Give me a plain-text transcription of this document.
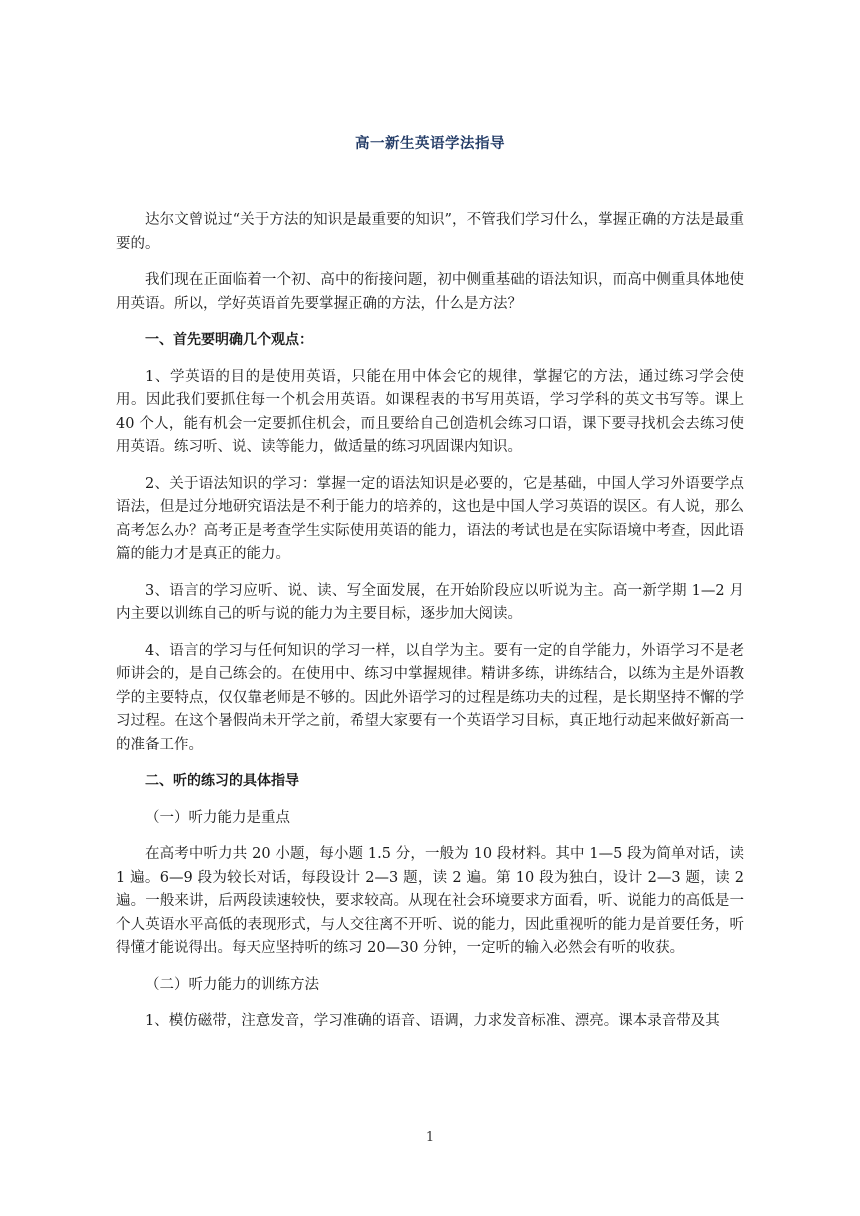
高一新生英语学法指导

达尔文曾说过“关于方法的知识是最重要的知识”，不管我们学习什么，掌握正确的方法是最重要的。

我们现在正面临着一个初、高中的衔接问题，初中侧重基础的语法知识，而高中侧重具体地使用英语。所以，学好英语首先要掌握正确的方法，什么是方法？

一、首先要明确几个观点：

1、学英语的目的是使用英语，只能在用中体会它的规律，掌握它的方法，通过练习学会使用。因此我们要抓住每一个机会用英语。如课程表的书写用英语，学习学科的英文书写等。课上 40 个人，能有机会一定要抓住机会，而且要给自己创造机会练习口语，课下要寻找机会去练习使用英语。练习听、说、读等能力，做适量的练习巩固课内知识。

2、关于语法知识的学习：掌握一定的语法知识是必要的，它是基础，中国人学习外语要学点语法，但是过分地研究语法是不利于能力的培养的，这也是中国人学习英语的误区。有人说，那么高考怎么办？高考正是考查学生实际使用英语的能力，语法的考试也是在实际语境中考查，因此语篇的能力才是真正的能力。

3、语言的学习应听、说、读、写全面发展，在开始阶段应以听说为主。高一新学期 1—2 月内主要以训练自己的听与说的能力为主要目标，逐步加大阅读。

4、语言的学习与任何知识的学习一样，以自学为主。要有一定的自学能力，外语学习不是老师讲会的，是自己练会的。在使用中、练习中掌握规律。精讲多练，讲练结合，以练为主是外语教学的主要特点，仅仅靠老师是不够的。因此外语学习的过程是练功夫的过程，是长期坚持不懈的学习过程。在这个暑假尚未开学之前，希望大家要有一个英语学习目标，真正地行动起来做好新高一的准备工作。

二、听的练习的具体指导

（一）听力能力是重点

在高考中听力共 20 小题，每小题 1.5 分，一般为 10 段材料。其中 1—5 段为简单对话，读 1 遍。6—9 段为较长对话，每段设计 2—3 题，读 2 遍。第 10 段为独白，设计 2—3 题，读 2 遍。一般来讲，后两段读速较快，要求较高。从现在社会环境要求方面看，听、说能力的高低是一个人英语水平高低的表现形式，与人交往离不开听、说的能力，因此重视听的能力是首要任务，听得懂才能说得出。每天应坚持听的练习 20—30 分钟，一定听的输入必然会有听的收获。

（二）听力能力的训练方法

1、模仿磁带，注意发音，学习准确的语音、语调，力求发音标准、漂亮。课本录音带及其

1
